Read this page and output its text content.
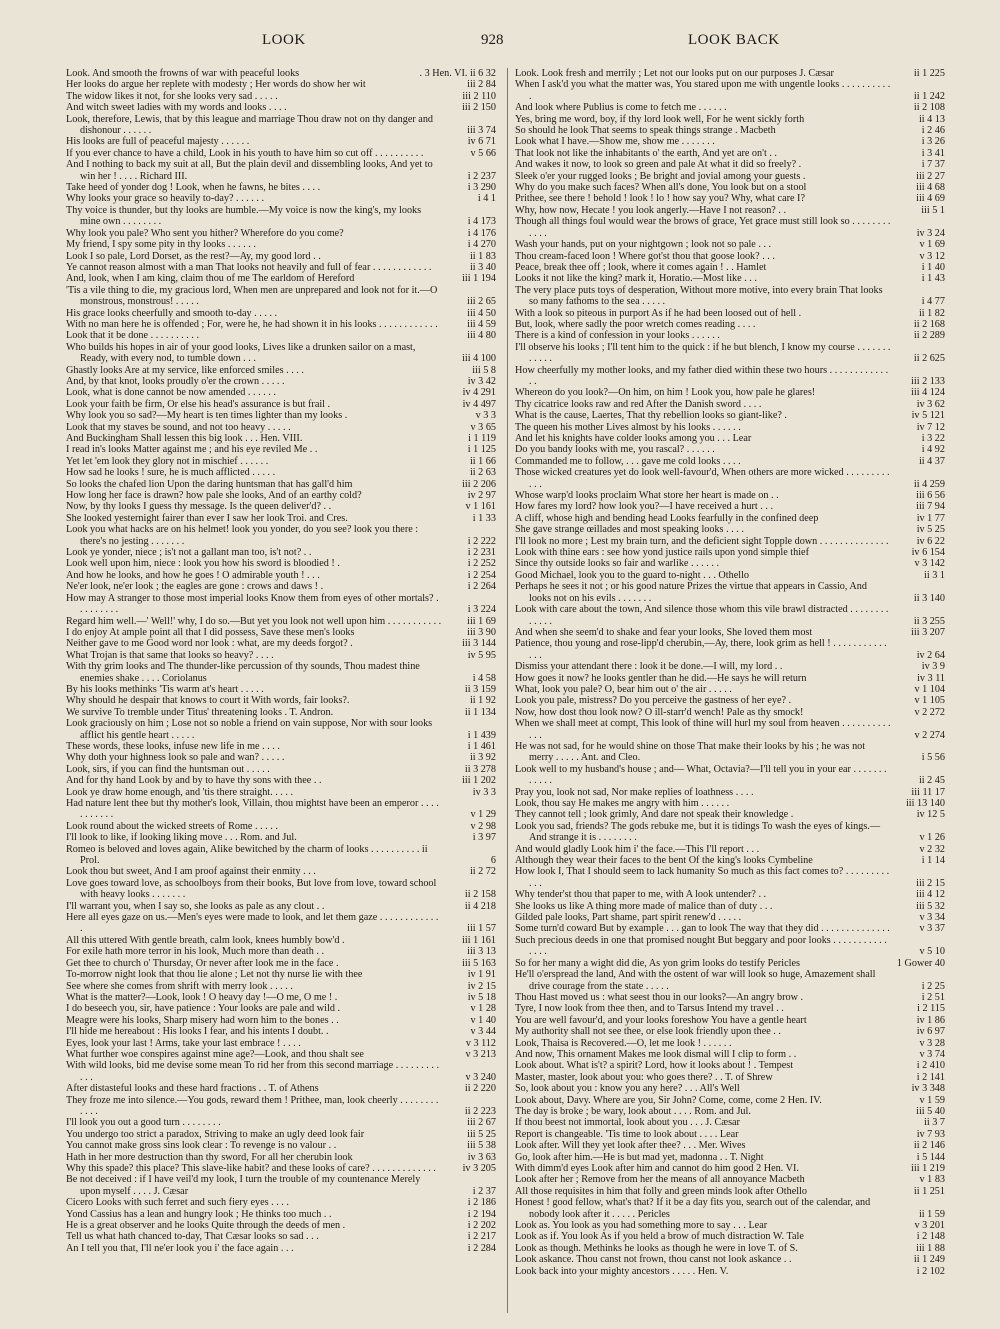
LOOK	928	LOOK BACK
Look. And smooth the frowns of war with peaceful looks	. 3 Hen. VI. ii 6 32
Her looks do argue her replete with modesty ; Her words do show her wit	iii 2 84
The widow likes it not, for she looks very sad . . . . .	iii 2 110
And witch sweet ladies with my words and looks . . . .	iii 2 150
Look, therefore, Lewis, that by this league and marriage Thou draw not on thy danger and dishonour . . . . . .	iii 3 74
His looks are full of peaceful majesty . . . . . .	iv 6 71
If you ever chance to have a child, Look in his youth to have him so cut off . . . . . . . . . .	v 5 66
And I nothing to back my suit at all, But the plain devil and dissembling looks, And yet to win her ! . . . . Richard III.	i 2 237
Take heed of yonder dog ! Look, when he fawns, he bites . . . .	i 3 290
Why looks your grace so heavily to-day? . . . . . .	i 4 1
Thy voice is thunder, but thy looks are humble.—My voice is now the king's, my looks mine own . . . . . . . .	i 4 173
Why look you pale? Who sent you hither? Wherefore do you come?	i 4 176
My friend, I spy some pity in thy looks . . . . . .	i 4 270
Look I so pale, Lord Dorset, as the rest?—Ay, my good lord . .	ii 1 83
Ye cannot reason almost with a man That looks not heavily and full of fear . . . . . . . . . . . .	ii 3 40
And, look, when I am king, claim thou of me The earldom of Hereford	iii 1 194
'Tis a vile thing to die, my gracious lord, When men are unprepared and look not for it.—O monstrous, monstrous! . . . . .	iii 2 65
His grace looks cheerfully and smooth to-day . . . . .	iii 4 50
With no man here he is offended ; For, were he, he had shown it in his looks . . . . . . . . . . . .	iii 4 59
Look that it be done . . . . . . . . . .	iii 4 80
Who builds his hopes in air of your good looks, Lives like a drunken sailor on a mast, Ready, with every nod, to tumble down . . .	iii 4 100
Ghastly looks Are at my service, like enforced smiles . . . .	iii 5 8
And, by that knot, looks proudly o'er the crown . . . . .	iv 3 42
Look, what is done cannot be now amended . . . . . .	iv 4 291
Look your faith be firm, Or else his head's assurance is but frail .	iv 4 497
Why look you so sad?—My heart is ten times lighter than my looks .	v 3 3
Look that my staves be sound, and not too heavy . . . . .	v 3 65
And Buckingham Shall lessen this big look . . . Hen. VIII.	i 1 119
I read in's looks Matter against me ; and his eye reviled Me . .	i 1 125
Yet let 'em look they glory not in mischief . . . . . .	ii 1 66
How sad he looks ! sure, he is much afflicted . . . . .	ii 2 63
So looks the chafed lion Upon the daring huntsman that has gall'd him	iii 2 206
How long her face is drawn? how pale she looks, And of an earthy cold?	iv 2 97
Now, by thy looks I guess thy message. Is the queen deliver'd? . .	v 1 161
She looked yesternight fairer than ever I saw her look Troi. and Cres.	i 1 33
Look you what hacks are on his helmet! look you yonder, do you see? look you there : there's no jesting . . . . . . .	i 2 222
Look ye yonder, niece ; is't not a gallant man too, is't not? . .	i 2 231
Look well upon him, niece : look you how his sword is bloodied ! .	i 2 252
And how he looks, and how he goes ! O admirable youth ! . . .	i 2 254
Ne'er look, ne'er look ; the eagles are gone : crows and daws ! .	i 2 264
How may A stranger to those most imperial looks Know them from eyes of other mortals? . . . . . . . . .	i 3 224
Regard him well.—' Well!' why, I do so.—But yet you look not well upon him . . . . . . . . . . .	iii 1 69
I do enjoy At ample point all that I did possess, Save these men's looks	iii 3 90
Neither gave to me Good word nor look : what, are my deeds forgot? .	iii 3 144
What Trojan is that same that looks so heavy? . . . .	iv 5 95
With thy grim looks and The thunder-like percussion of thy sounds, Thou madest thine enemies shake . . . . Coriolanus	i 4 58
By his looks methinks 'Tis warm at's heart . . . . .	ii 3 159
Why should he despair that knows to court it With words, fair looks?.	ii 1 92
We survive To tremble under Titus' threatening looks . T. Andron.	ii 1 134
Look graciously on him ; Lose not so noble a friend on vain suppose, Nor with sour looks afflict his gentle heart . . . . .	i 1 439
These words, these looks, infuse new life in me . . . .	i 1 461
Why doth your highness look so pale and wan? . . . . .	ii 3 92
Look, sirs, if you can find the huntsman out . . . . .	ii 3 278
And for thy hand Look by and by to have thy sons with thee . .	iii 1 202
Look ye draw home enough, and 'tis there straight. . . . .	iv 3 3
Had nature lent thee but thy mother's look, Villain, thou mightst have been an emperor . . . . . . . . . . .	v 1 29
Look round about the wicked streets of Rome . . . . .	v 2 98
I'll look to like, if looking liking move . . . Rom. and Jul.	i 3 97
Romeo is beloved and loves again, Alike bewitched by the charm of looks . . . . . . . . . . ii Prol.	6
Look thou but sweet, And I am proof against their enmity . . .	ii 2 72
Love goes toward love, as schoolboys from their books, But love from love, toward school with heavy looks . . . . . . .	ii 2 158
I'll warrant you, when I say so, she looks as pale as any clout . .	ii 4 218
Here all eyes gaze on us.—Men's eyes were made to look, and let them gaze . . . . . . . . . . . . .	iii 1 57
All this uttered With gentle breath, calm look, knees humbly bow'd .	iii 1 161
For exile hath more terror in his look, Much more than death . .	iii 3 13
Get thee to church o' Thursday, Or never after look me in the face .	iii 5 163
To-morrow night look that thou lie alone ; Let not thy nurse lie with thee	iv 1 91
See where she comes from shrift with merry look . . . . .	iv 2 15
What is the matter?—Look, look ! O heavy day !—O me, O me ! .	iv 5 18
I do beseech you, sir, have patience : Your looks are pale and wild .	v 1 28
Meagre were his looks, Sharp misery had worn him to the bones . .	v 1 40
I'll hide me hereabout : His looks I fear, and his intents I doubt. .	v 3 44
Eyes, look your last ! Arms, take your last embrace ! . . . .	v 3 112
What further woe conspires against mine age?—Look, and thou shalt see	v 3 213
With wild looks, bid me devise some mean To rid her from this second marriage . . . . . . . . . . . .	v 3 240
After distasteful looks and these hard fractions . . T. of Athens	ii 2 220
They froze me into silence.—You gods, reward them ! Prithee, man, look cheerly . . . . . . . . . . . .	ii 2 223
I'll look you out a good turn . . . . . . . .	iii 2 67
You undergo too strict a paradox, Striving to make an ugly deed look fair	iii 5 25
You cannot make gross sins look clear : To revenge is no valour . .	iii 5 38
Hath in her more destruction than thy sword, For all her cherubin look	iv 3 63
Why this spade? this place? This slave-like habit? and these looks of care? . . . . . . . . . . . . .	iv 3 205
Be not deceived : if I have veil'd my look, I turn the trouble of my countenance Merely upon myself . . . . J. Cæsar	i 2 37
Cicero Looks with such ferret and such fiery eyes . . . .	i 2 186
Yond Cassius has a lean and hungry look ; He thinks too much . .	i 2 194
He is a great observer and he looks Quite through the deeds of men .	i 2 202
Tell us what hath chanced to-day, That Cæsar looks so sad . . .	i 2 217
An I tell you that, I'll ne'er look you i' the face again . . .	i 2 284
Look. Look fresh and merrily ; Let not our looks put on our purposes J. Cæsar	ii 1 225
When I ask'd you what the matter was, You stared upon me with ungentle looks . . . . . . . . . . .	ii 1 242
And look where Publius is come to fetch me . . . . . .	ii 2 108
Yes, bring me word, boy, if thy lord look well, For he went sickly forth	ii 4 13
So should he look That seems to speak things strange . Macbeth	i 2 46
Look what I have.—Show me, show me . . . . . . .	i 3 26
That look not like the inhabitants o' the earth, And yet are on't . .	i 3 41
And wakes it now, to look so green and pale At what it did so freely? .	i 7 37
Sleek o'er your rugged looks ; Be bright and jovial among your guests .	iii 2 27
Why do you make such faces? When all's done, You look but on a stool	iii 4 68
Prithee, see there ! behold ! look ! lo ! how say you? Why, what care I?	iii 4 69
Why, how now, Hecate ! you look angerly.—Have I not reason? . .	iii 5 1
Though all things foul would wear the brows of grace, Yet grace must still look so . . . . . . . . . . . .	iv 3 24
Wash your hands, put on your nightgown ; look not so pale . . .	v 1 69
Thou cream-faced loon ! Where got'st thou that goose look? . . .	v 3 12
Peace, break thee off ; look, where it comes again ! . . Hamlet	i 1 40
Looks it not like the king? mark it, Horatio.—Most like . . .	i 1 43
The very place puts toys of desperation, Without more motive, into every brain That looks so many fathoms to the sea . . . . .	i 4 77
With a look so piteous in purport As if he had been loosed out of hell .	ii 1 82
But, look, where sadly the poor wretch comes reading . . . .	ii 2 168
There is a kind of confession in your looks . . . . . .	ii 2 289
I'll observe his looks ; I'll tent him to the quick : if he but blench, I know my course . . . . . . . . . . . .	ii 2 625
How cheerfully my mother looks, and my father died within these two hours . . . . . . . . . . . . . .	iii 2 133
Whereon do you look?—On him, on him ! Look you, how pale he glares!	iii 4 124
Thy cicatrice looks raw and red After the Danish sword . . . .	iv 3 62
What is the cause, Laertes, That thy rebellion looks so giant-like? .	iv 5 121
The queen his mother Lives almost by his looks . . . . . .	iv 7 12
And let his knights have colder looks among you . . . Lear	i 3 22
Do you bandy looks with me, you rascal? . . . . . .	i 4 92
Commanded me to follow, . . . gave me cold looks . . . .	ii 4 37
Those wicked creatures yet do look well-favour'd, When others are more wicked . . . . . . . . . . . .	ii 4 259
Whose warp'd looks proclaim What store her heart is made on . .	iii 6 56
How fares my lord? how look you?—I have received a hurt . . .	iii 7 94
A cliff, whose high and bending head Looks fearfully in the confined deep	iv 1 77
She gave strange œillades and most speaking looks . . . .	iv 5 25
I'll look no more ; Lest my brain turn, and the deficient sight Topple down . . . . . . . . . . . . . .	iv 6 22
Look with thine ears : see how yond justice rails upon yond simple thief	iv 6 154
Since thy outside looks so fair and warlike . . . . . .	v 3 142
Good Michael, look you to the guard to-night . . . Othello	ii 3 1
Perhaps he sees it not ; or his good nature Prizes the virtue that appears in Cassio, And looks not on his evils . . . . . . .	ii 3 140
Look with care about the town, And silence those whom this vile brawl distracted . . . . . . . . . . . . .	ii 3 255
And when she seem'd to shake and fear your looks, She loved them most	iii 3 207
Patience, thou young and rose-lipp'd cherubin,—Ay, there, look grim as hell ! . . . . . . . . . . . . . .	iv 2 64
Dismiss your attendant there : look it be done.—I will, my lord . .	iv 3 9
How goes it now? he looks gentler than he did.—He says he will return	iv 3 11
What, look you pale? O, bear him out o' the air . . . . .	v 1 104
Look you pale, mistress? Do you perceive the gastness of her eye? .	v 1 105
Now, how dost thou look now? O ill-starr'd wench! Pale as thy smock!	v 2 272
When we shall meet at compt, This look of thine will hurl my soul from heaven . . . . . . . . . . . . .	v 2 274
He was not sad, for he would shine on those That make their looks by his ; he was not merry . . . . . Ant. and Cleo.	i 5 56
Look well to my husband's house ; and— What, Octavia?—I'll tell you in your ear . . . . . . . . . . . .	ii 2 45
Pray you, look not sad, Nor make replies of loathness . . . .	iii 11 17
Look, thou say He makes me angry with him . . . . . .	iii 13 140
They cannot tell ; look grimly, And dare not speak their knowledge .	iv 12 5
Look you sad, friends? The gods rebuke me, but it is tidings To wash the eyes of kings.—And strange it is . . . . . . . .	v 1 26
And would gladly Look him i' the face.—This I'll report . . .	v 2 32
Although they wear their faces to the bent Of the king's looks Cymbeline	i 1 14
How look I, That I should seem to lack humanity So much as this fact comes to? . . . . . . . . . . . .	iii 2 15
Why tender'st thou that paper to me, with A look untender? . .	iii 4 12
She looks us like A thing more made of malice than of duty . . .	iii 5 32
Gilded pale looks, Part shame, part spirit renew'd . . . . .	v 3 34
Some turn'd coward But by example . . . gan to look The way that they did . . . . . . . . . . . . . .	v 3 37
Such precious deeds in one that promised nought But beggary and poor looks . . . . . . . . . . . . . . .	v 5 10
So for her many a wight did die, As yon grim looks do testify Pericles	1 Gower 40
He'll o'erspread the land, And with the ostent of war will look so huge, Amazement shall drive courage from the state . . . . .	i 2 25
Thou Hast moved us : what seest thou in our looks?—An angry brow .	i 2 51
Tyre, I now look from thee then, and to Tarsus Intend my travel . .	i 2 115
You are well favour'd, and your looks foreshow You have a gentle heart	iv 1 86
My authority shall not see thee, or else look friendly upon thee . .	iv 6 97
Look, Thaisa is Recovered.—O, let me look ! . . . . . .	v 3 28
And now, This ornament Makes me look dismal will I clip to form . .	v 3 74
Look about. What is't? a spirit? Lord, how it looks about ! . Tempest	i 2 410
Master, master, look about you: who goes there? . . T. of Shrew	i 2 141
So, look about you : know you any here? . . . All's Well	iv 3 348
Look about, Davy. Where are you, Sir John? Come, come, come 2 Hen. IV.	v 1 59
The day is broke ; be wary, look about . . . . Rom. and Jul.	iii 5 40
If thou beest not immortal, look about you . . . J. Cæsar	ii 3 7
Report is changeable. 'Tis time to look about . . . . Lear	iv 7 93
Look after. Will they yet look after thee? . . . Mer. Wives	ii 2 146
Go, look after him.—He is but mad yet, madonna . . T. Night	i 5 144
With dimm'd eyes Look after him and cannot do him good 2 Hen. VI.	iii 1 219
Look after her ; Remove from her the means of all annoyance Macbeth	v 1 83
All those requisites in him that folly and green minds look after Othello	ii 1 251
Honest ! good fellow, what's that? If it be a day fits you, search out of the calendar, and nobody look after it . . . . . Pericles	ii 1 59
Look as. You look as you had something more to say . . . Lear	v 3 201
Look as if. You look As if you held a brow of much distraction W. Tale	i 2 148
Look as though. Methinks he looks as though he were in love T. of S.	iii 1 88
Look askance. Thou canst not frown, thou canst not look askance . .	ii 1 249
Look back into your mighty ancestors . . . . . Hen. V.	i 2 102
